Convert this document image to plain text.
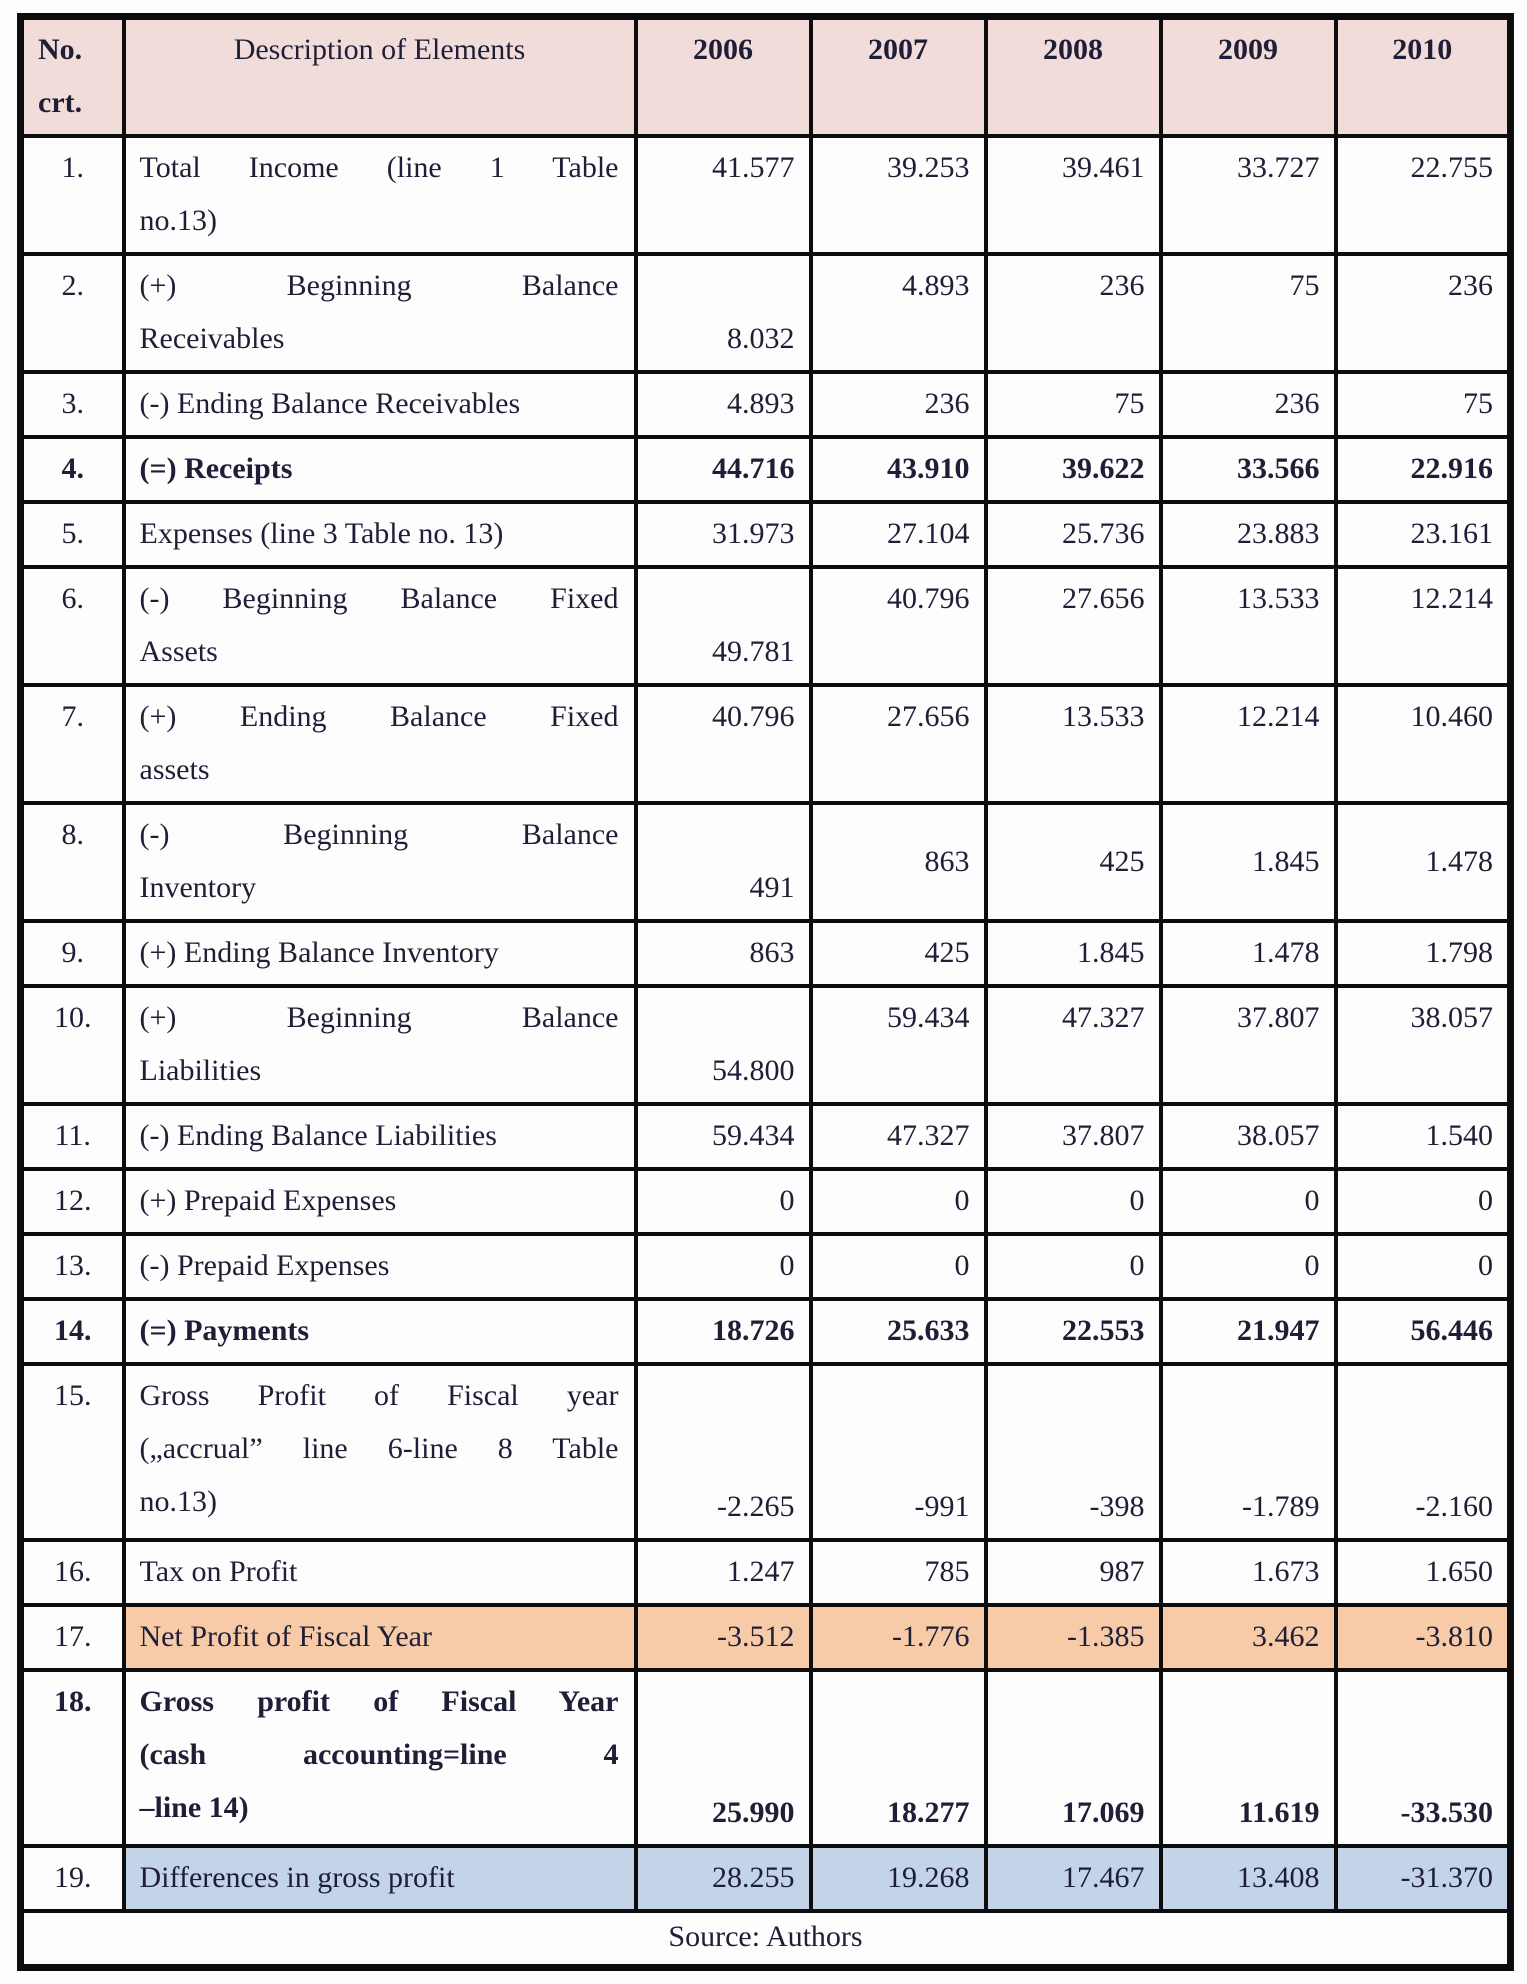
No.
crt.	Description of Elements	2006	2007	2008	2009	2010

1.	Total Income (line 1 Table
no.13)	41.577	39.253	39.461	33.727	22.755
2.	(+) Beginning Balance
Receivables	8.032	4.893	236	75	236
3.	(-) Ending Balance Receivables	4.893	236	75	236	75
4.	(=) Receipts	44.716	43.910	39.622	33.566	22.916
5.	Expenses (line 3 Table no. 13)	31.973	27.104	25.736	23.883	23.161
6.	(-) Beginning Balance Fixed
Assets	49.781	40.796	27.656	13.533	12.214
7.	(+) Ending Balance Fixed
assets	40.796	27.656	13.533	12.214	10.460
8.	(-) Beginning Balance
Inventory	491	863	425	1.845	1.478
9.	(+) Ending Balance Inventory	863	425	1.845	1.478	1.798
10.	(+) Beginning Balance
Liabilities	54.800	59.434	47.327	37.807	38.057
11.	(-) Ending Balance Liabilities	59.434	47.327	37.807	38.057	1.540
12.	(+) Prepaid Expenses	0	0	0	0	0
13.	(-) Prepaid Expenses	0	0	0	0	0
14.	(=) Payments	18.726	25.633	22.553	21.947	56.446
15.	Gross Profit of Fiscal year
(„accrual” line 6-line 8 Table
no.13)	-2.265	-991	-398	-1.789	-2.160
16.	Tax on Profit	1.247	785	987	1.673	1.650
17.	Net Profit of Fiscal Year	-3.512	-1.776	-1.385	3.462	-3.810
18.	Gross profit of Fiscal Year
(cash accounting=line 4
–line 14)	25.990	18.277	17.069	11.619	-33.530
19.	Differences in gross profit	28.255	19.268	17.467	13.408	-31.370
Source: Authors						
